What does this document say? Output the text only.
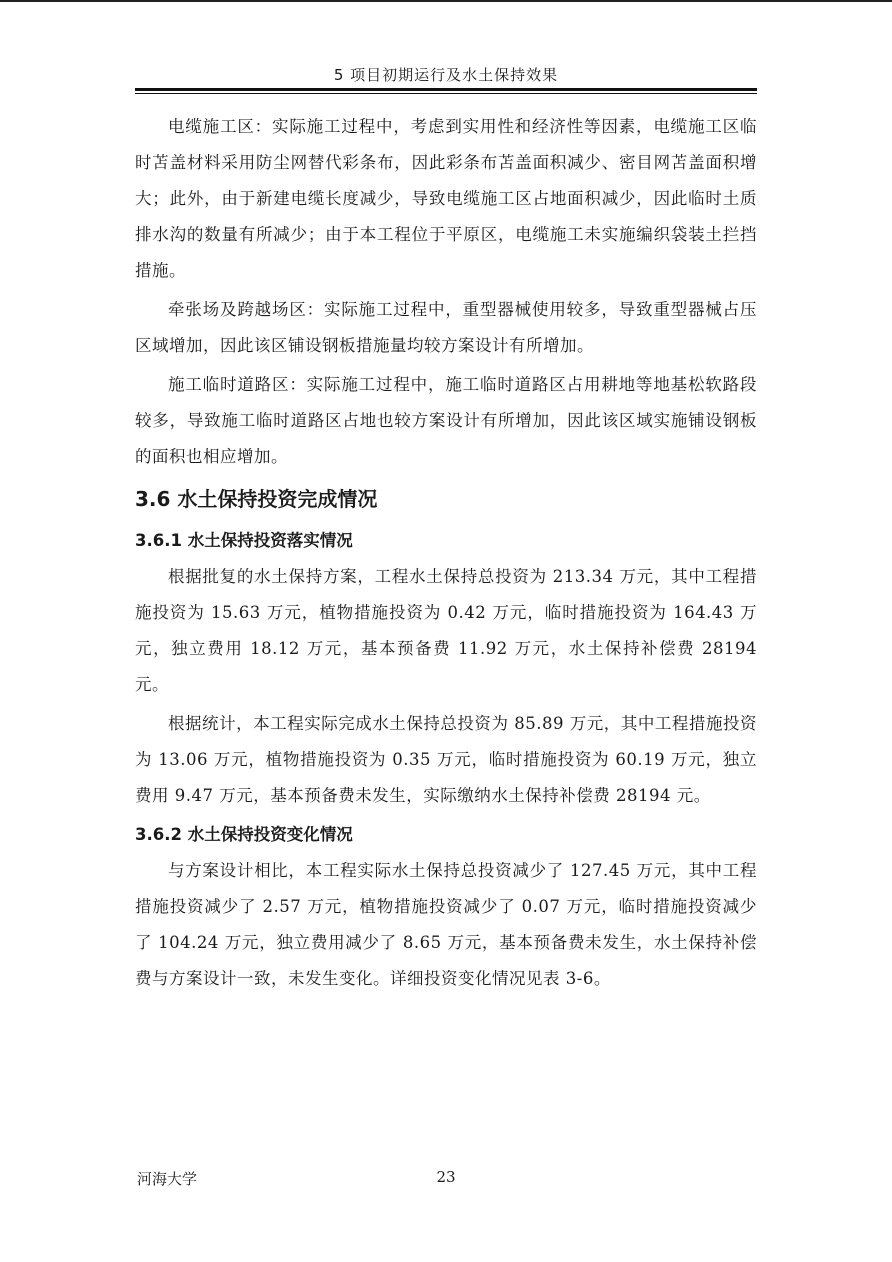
5 项目初期运行及水土保持效果

电缆施工区：实际施工过程中，考虑到实用性和经济性等因素，电缆施工区临时苫盖材料采用防尘网替代彩条布，因此彩条布苫盖面积减少、密目网苫盖面积增大；此外，由于新建电缆长度减少，导致电缆施工区占地面积减少，因此临时土质排水沟的数量有所减少；由于本工程位于平原区，电缆施工未实施编织袋装土拦挡措施。

牵张场及跨越场区：实际施工过程中，重型器械使用较多，导致重型器械占压区域增加，因此该区铺设钢板措施量均较方案设计有所增加。

施工临时道路区：实际施工过程中，施工临时道路区占用耕地等地基松软路段较多，导致施工临时道路区占地也较方案设计有所增加，因此该区域实施铺设钢板的面积也相应增加。

3.6 水土保持投资完成情况
3.6.1 水土保持投资落实情况

根据批复的水土保持方案，工程水土保持总投资为 213.34 万元，其中工程措施投资为 15.63 万元，植物措施投资为 0.42 万元，临时措施投资为 164.43 万元，独立费用 18.12 万元，基本预备费 11.92 万元，水土保持补偿费 28194 元。

根据统计，本工程实际完成水土保持总投资为 85.89 万元，其中工程措施投资为 13.06 万元，植物措施投资为 0.35 万元，临时措施投资为 60.19 万元，独立费用 9.47 万元，基本预备费未发生，实际缴纳水土保持补偿费 28194 元。

3.6.2 水土保持投资变化情况

与方案设计相比，本工程实际水土保持总投资减少了 127.45 万元，其中工程措施投资减少了 2.57 万元，植物措施投资减少了 0.07 万元，临时措施投资减少了 104.24 万元，独立费用减少了 8.65 万元，基本预备费未发生，水土保持补偿费与方案设计一致，未发生变化。详细投资变化情况见表 3-6。

河海大学	23
